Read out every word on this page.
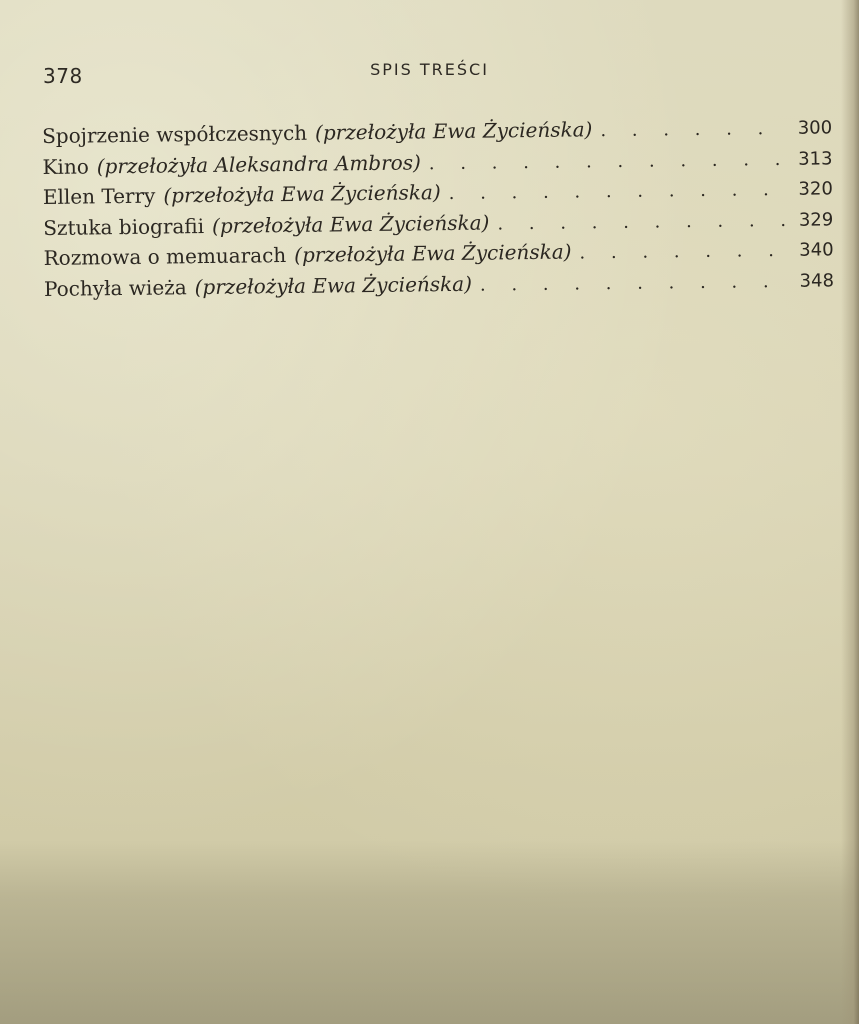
378	SPIS TREŚCI
Spojrzenie współczesnych (przełożyła Ewa Życieńska) . . .	300
Kino (przełożyła Aleksandra Ambros) . . .	313
Ellen Terry (przełożyła Ewa Życieńska) . . .	320
Sztuka biografii (przełożyła Ewa Życieńska) . . .	329
Rozmowa o memuarach (przełożyła Ewa Życieńska) . . .	340
Pochyła wieża (przełożyła Ewa Życieńska) . . .	348
